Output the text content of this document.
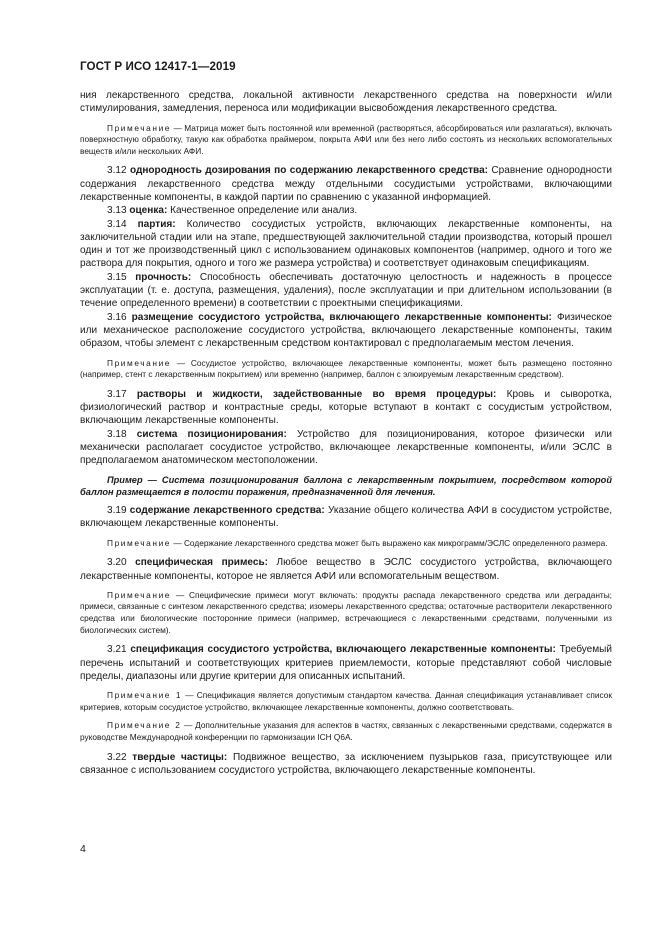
ГОСТ Р ИСО 12417-1—2019

ния лекарственного средства, локальной активности лекарственного средства на поверхности и/или стимулирования, замедления, переноса или модификации высвобождения лекарственного средства.

Примечание — Матрица может быть постоянной или временной (растворяться, абсорбироваться или разлагаться), включать поверхностную обработку, такую как обработка праймером, покрыта АФИ или без него либо состоять из нескольких вспомогательных веществ и/или нескольких АФИ.

3.12 однородность дозирования по содержанию лекарственного средства: Сравнение однородности содержания лекарственного средства между отдельными сосудистыми устройствами, включающими лекарственные компоненты, в каждой партии по сравнению с указанной информацией.

3.13 оценка: Качественное определение или анализ.

3.14 партия: Количество сосудистых устройств, включающих лекарственные компоненты, на заключительной стадии или на этапе, предшествующей заключительной стадии производства, который прошел один и тот же производственный цикл с использованием одинаковых компонентов (например, одного и того же раствора для покрытия, одного и того же размера устройства) и соответствует одинаковым спецификациям.

3.15 прочность: Способность обеспечивать достаточную целостность и надежность в процессе эксплуатации (т. е. доступа, размещения, удаления), после эксплуатации и при длительном использовании (в течение определенного времени) в соответствии с проектными спецификациями.

3.16 размещение сосудистого устройства, включающего лекарственные компоненты: Физическое или механическое расположение сосудистого устройства, включающего лекарственные компоненты, таким образом, чтобы элемент с лекарственным средством контактировал с предполагаемым местом лечения.

Примечание — Сосудистое устройство, включающее лекарственные компоненты, может быть размещено постоянно (например, стент с лекарственным покрытием) или временно (например, баллон с элюируемым лекарственным средством).

3.17 растворы и жидкости, задействованные во время процедуры: Кровь и сыворотка, физиологический раствор и контрастные среды, которые вступают в контакт с сосудистым устройством, включающим лекарственные компоненты.

3.18 система позиционирования: Устройство для позиционирования, которое физически или механически располагает сосудистое устройство, включающее лекарственные компоненты, и/или ЭСЛС в предполагаемом анатомическом местоположении.

Пример — Система позиционирования баллона с лекарственным покрытием, посредством которой баллон размещается в полости поражения, предназначенной для лечения.

3.19 содержание лекарственного средства: Указание общего количества АФИ в сосудистом устройстве, включающем лекарственные компоненты.

Примечание — Содержание лекарственного средства может быть выражено как микрограмм/ЭСЛС определенного размера.

3.20 специфическая примесь: Любое вещество в ЭСЛС сосудистого устройства, включающего лекарственные компоненты, которое не является АФИ или вспомогательным веществом.

Примечание — Специфические примеси могут включать: продукты распада лекарственного средства или деграданты; примеси, связанные с синтезом лекарственного средства; изомеры лекарственного средства; остаточные растворители лекарственного средства или биологические посторонние примеси (например, встречающиеся с лекарственными средствами, полученными из биологических систем).

3.21 спецификация сосудистого устройства, включающего лекарственные компоненты: Требуемый перечень испытаний и соответствующих критериев приемлемости, которые представляют собой числовые пределы, диапазоны или другие критерии для описанных испытаний.

Примечание 1 — Спецификация является допустимым стандартом качества. Данная спецификация устанавливает список критериев, которым сосудистое устройство, включающее лекарственные компоненты, должно соответствовать.

Примечание 2 — Дополнительные указания для аспектов в частях, связанных с лекарственными средствами, содержатся в руководстве Международной конференции по гармонизации ICH Q6A.

3.22 твердые частицы: Подвижное вещество, за исключением пузырьков газа, присутствующее или связанное с использованием сосудистого устройства, включающего лекарственные компоненты.

4
